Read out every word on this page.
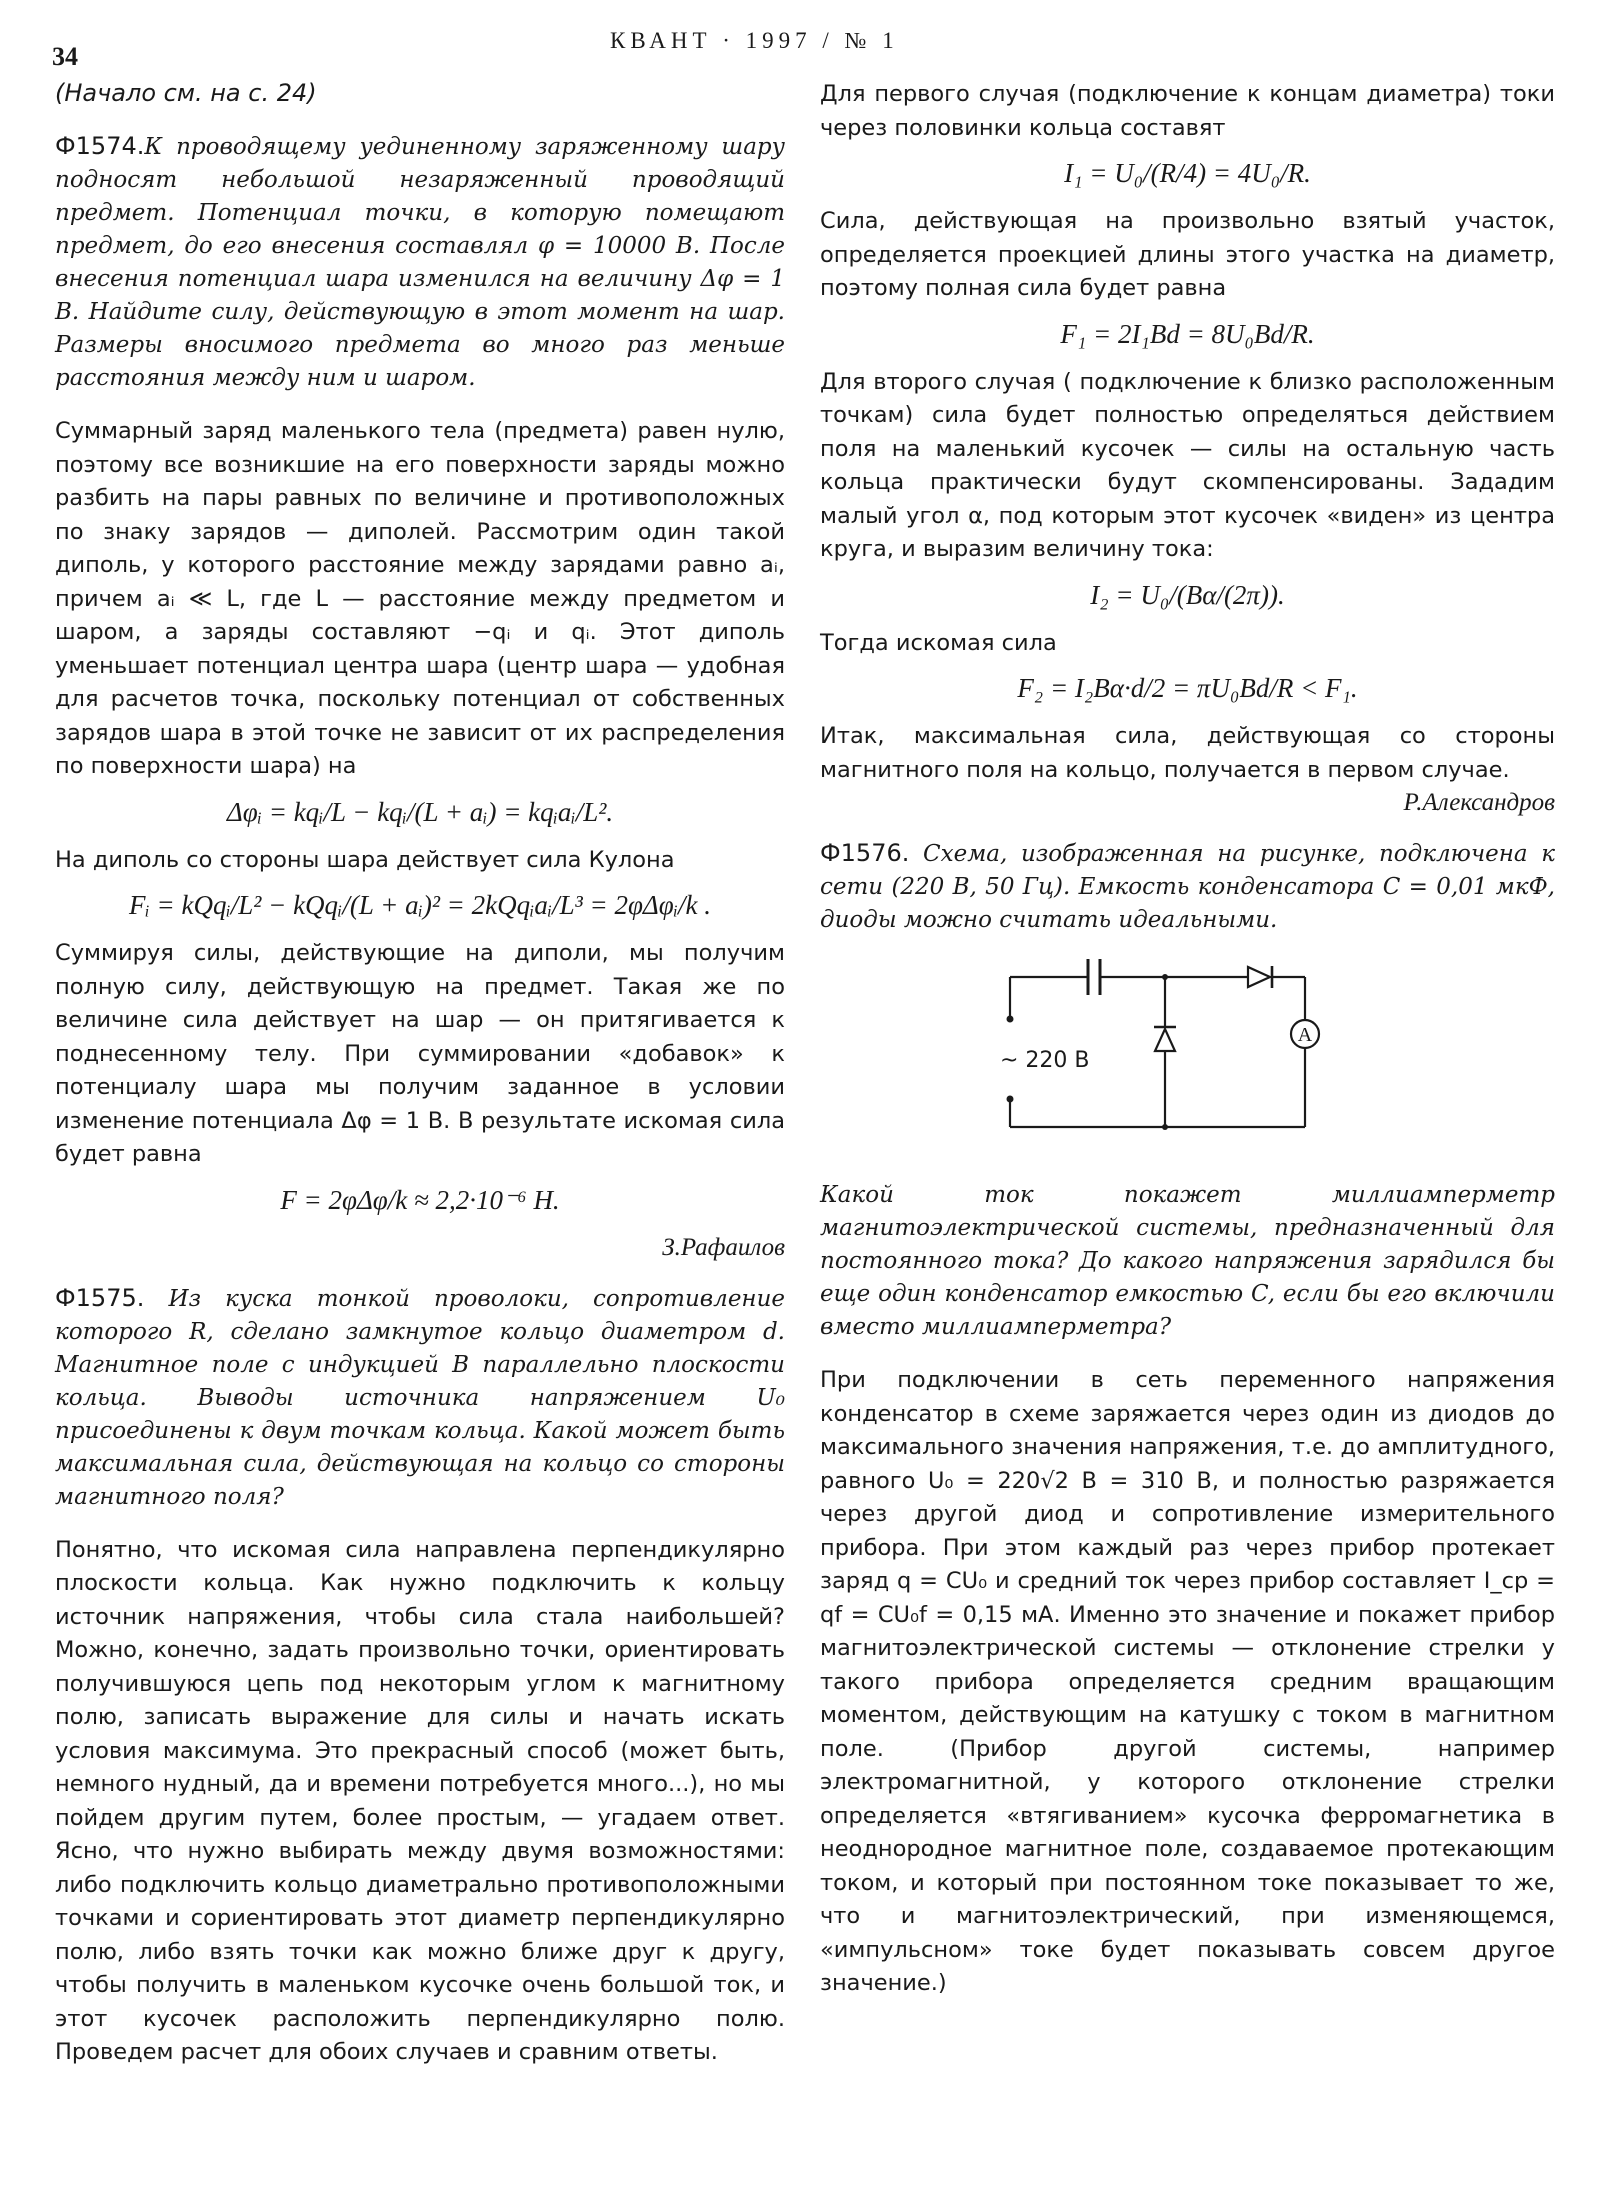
34
КВАНТ · 1997 / № 1

(Начало см. на с. 24)

Ф1574.К проводящему уединенному заряженному шару подносят небольшой незаряженный проводящий предмет. Потенциал точки, в которую помещают предмет, до его внесения составлял φ = 10000 В. После внесения потенциал шара изменился на величину Δφ = 1 В. Найдите силу, действующую в этот момент на шар. Размеры вносимого предмета во много раз меньше расстояния между ним и шаром.

Суммарный заряд маленького тела (предмета) равен нулю, поэтому все возникшие на его поверхности заряды можно разбить на пары равных по величине и противоположных по знаку зарядов — диполей. Рассмотрим один такой диполь, у которого расстояние между зарядами равно aᵢ, причем aᵢ ≪ L, где L — расстояние между предметом и шаром, а заряды составляют −qᵢ и qᵢ. Этот диполь уменьшает потенциал центра шара (центр шара — удобная для расчетов точка, поскольку потенциал от собственных зарядов шара в этой точке не зависит от их распределения по поверхности шара) на

Δφᵢ = kqᵢ/L − kqᵢ/(L + aᵢ) = kqᵢaᵢ/L².

На диполь со стороны шара действует сила Кулона

Fᵢ = kQqᵢ/L² − kQqᵢ/(L + aᵢ)² = 2kQqᵢaᵢ/L³ = 2φΔφᵢ/k .

Суммируя силы, действующие на диполи, мы получим полную силу, действующую на предмет. Такая же по величине сила действует на шар — он притягивается к поднесенному телу. При суммировании «добавок» к потенциалу шара мы получим заданное в условии изменение потенциала Δφ = 1 В. В результате искомая сила будет равна

F = 2φΔφ/k ≈ 2,2·10⁻⁶ Н.
З.Рафаилов

Ф1575. Из куска тонкой проволоки, сопротивление которого R, сделано замкнутое кольцо диаметром d. Магнитное поле с индукцией B параллельно плоскости кольца. Выводы источника напряжением U₀ присоединены к двум точкам кольца. Какой может быть максимальная сила, действующая на кольцо со стороны магнитного поля?

Понятно, что искомая сила направлена перпендикулярно плоскости кольца. Как нужно подключить к кольцу источник напряжения, чтобы сила стала наибольшей? Можно, конечно, задать произвольно точки, ориентировать получившуюся цепь под некоторым углом к магнитному полю, записать выражение для силы и начать искать условия максимума. Это прекрасный способ (может быть, немного нудный, да и времени потребуется много...), но мы пойдем другим путем, более простым, — угадаем ответ. Ясно, что нужно выбирать между двумя возможностями: либо подключить кольцо диаметрально противоположными точками и сориентировать этот диаметр перпендикулярно полю, либо взять точки как можно ближе друг к другу, чтобы получить в маленьком кусочке очень большой ток, и этот кусочек расположить перпендикулярно полю. Проведем расчет для обоих случаев и сравним ответы.

Для первого случая (подключение к концам диаметра) токи через половинки кольца составят

I₁ = U₀/(R/4) = 4U₀/R.

Сила, действующая на произвольно взятый участок, определяется проекцией длины этого участка на диаметр, поэтому полная сила будет равна

F₁ = 2I₁Bd = 8U₀Bd/R.

Для второго случая ( подключение к близко расположенным точкам) сила будет полностью определяться действием поля на маленький кусочек — силы на остальную часть кольца практически будут скомпенсированы. Зададим малый угол α, под которым этот кусочек «виден» из центра круга, и выразим величину тока:

I₂ = U₀/(Bα/(2π)).

Тогда искомая сила

F₂ = I₂Bα·d/2 = πU₀Bd/R < F₁.

Итак, максимальная сила, действующая со стороны магнитного поля на кольцо, получается в первом случае.

Р.Александров

Ф1576. Схема, изображенная на рисунке, подключена к сети (220 В, 50 Гц). Емкость конденсатора C = 0,01 мкФ, диоды можно считать идеальными.

A
~ 220 В

Какой ток покажет миллиамперметр магнитоэлектрической системы, предназначенный для постоянного тока? До какого напряжения зарядился бы еще один конденсатор емкостью C, если бы его включили вместо миллиамперметра?

При подключении в сеть переменного напряжения конденсатор в схеме заряжается через один из диодов до максимального значения напряжения, т.е. до амплитудного, равного U₀ = 220√2 В = 310 В, и полностью разряжается через другой диод и сопротивление измерительного прибора. При этом каждый раз через прибор протекает заряд q = CU₀ и средний ток через прибор составляет I_ср = qf = CU₀f = 0,15 мА. Именно это значение и покажет прибор магнитоэлектрической системы — отклонение стрелки у такого прибора определяется средним вращающим моментом, действующим на катушку с током в магнитном поле. (Прибор другой системы, например электромагнитной, у которого отклонение стрелки определяется «втягиванием» кусочка ферромагнетика в неоднородное магнитное поле, создаваемое протекающим током, и который при постоянном токе показывает то же, что и магнитоэлектрический, при изменяющемся, «импульсном» токе будет показывать совсем другое значение.)
